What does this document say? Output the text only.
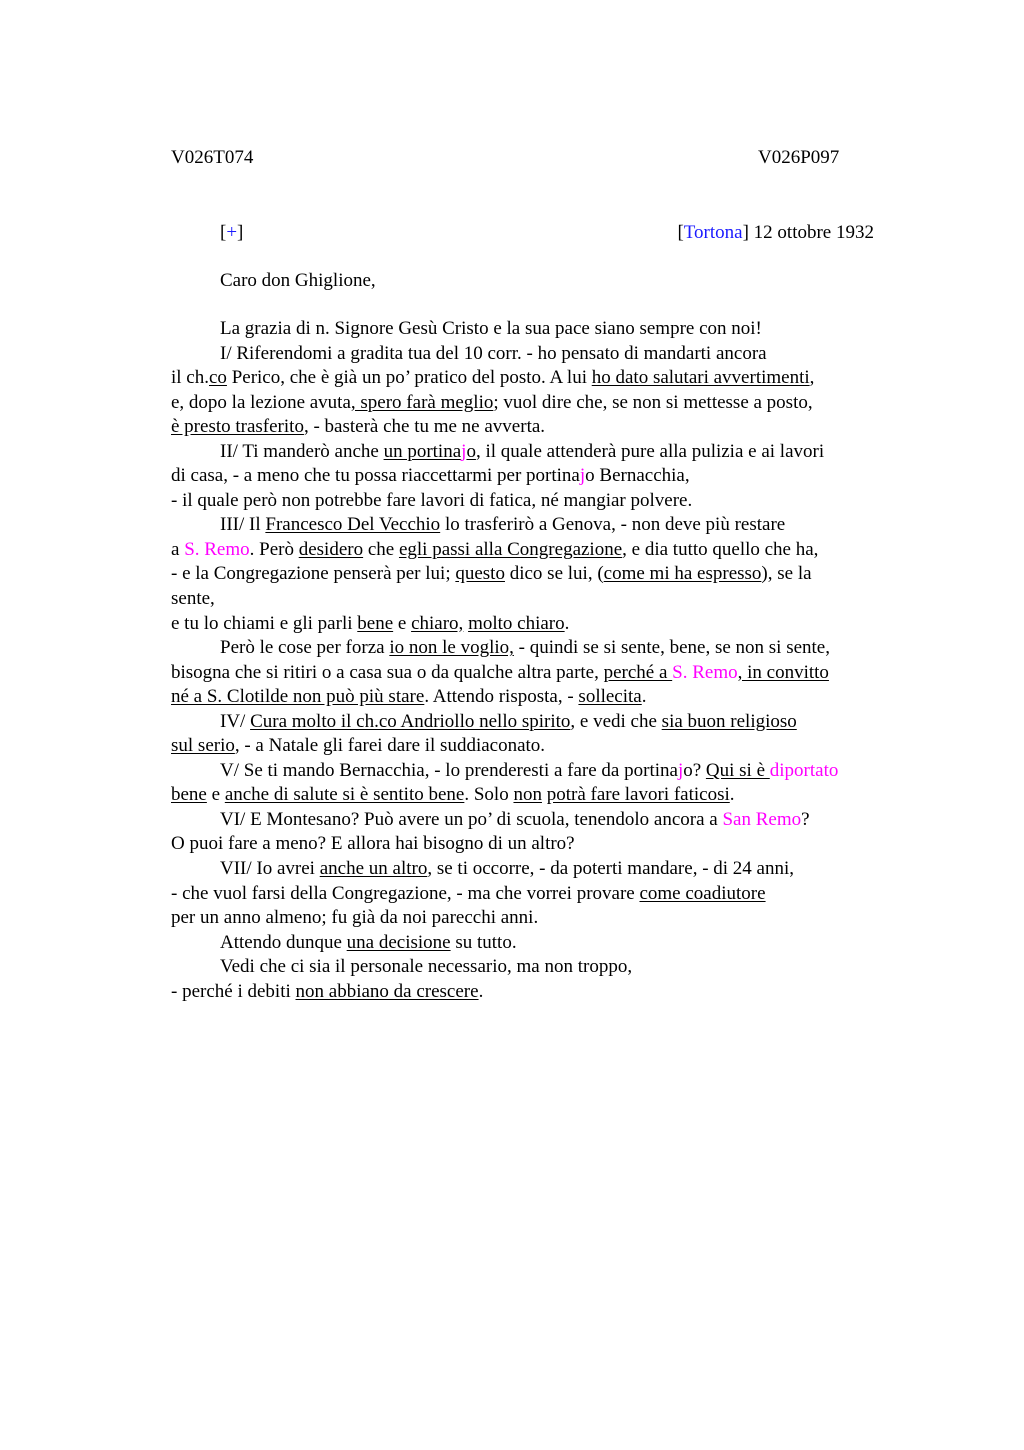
V026T074	V026P097
[+]	[Tortona] 12 ottobre 1932
Caro don Ghiglione,
La grazia di n. Signore Gesù Cristo e la sua pace siano sempre con noi!
I/ Riferendomi a gradita tua del 10 corr. - ho pensato di mandarti ancora
il ch.co Perico, che è già un po’ pratico del posto. A lui ho dato salutari avvertimenti,
e, dopo la lezione avuta, spero farà meglio; vuol dire che, se non si mettesse a posto,
è presto trasferito, - basterà che tu me ne avverta.
II/ Ti manderò anche un portinajo, il quale attenderà pure alla pulizia e ai lavori
di casa, - a meno che tu possa riaccettarmi per portinajo Bernacchia,
- il quale però non potrebbe fare lavori di fatica, né mangiar polvere.
III/ Il Francesco Del Vecchio lo trasferirò a Genova, - non deve più restare
a S. Remo. Però desidero che egli passi alla Congregazione, e dia tutto quello che ha,
- e la Congregazione penserà per lui; questo dico se lui, (come mi ha espresso), se la
sente,
e tu lo chiami e gli parli bene e chiaro, molto chiaro.
Però le cose per forza io non le voglio, - quindi se si sente, bene, se non si sente,
bisogna che si ritiri o a casa sua o da qualche altra parte, perché a S. Remo, in convitto
né a S. Clotilde non può più stare. Attendo risposta, - sollecita.
IV/ Cura molto il ch.co Andriollo nello spirito, e vedi che sia buon religioso
sul serio, - a Natale gli farei dare il suddiaconato.
V/ Se ti mando Bernacchia, - lo prenderesti a fare da portinajo? Qui si è diportato
bene e anche di salute si è sentito bene. Solo non potrà fare lavori faticosi.
VI/ E Montesano? Può avere un po’ di scuola, tenendolo ancora a San Remo?
O puoi fare a meno? E allora hai bisogno di un altro?
VII/ Io avrei anche un altro, se ti occorre, - da poterti mandare, - di 24 anni,
- che vuol farsi della Congregazione, - ma che vorrei provare come coadiutore
per un anno almeno; fu già da noi parecchi anni.
Attendo dunque una decisione su tutto.
Vedi che ci sia il personale necessario, ma non troppo,
- perché i debiti non abbiano da crescere.
